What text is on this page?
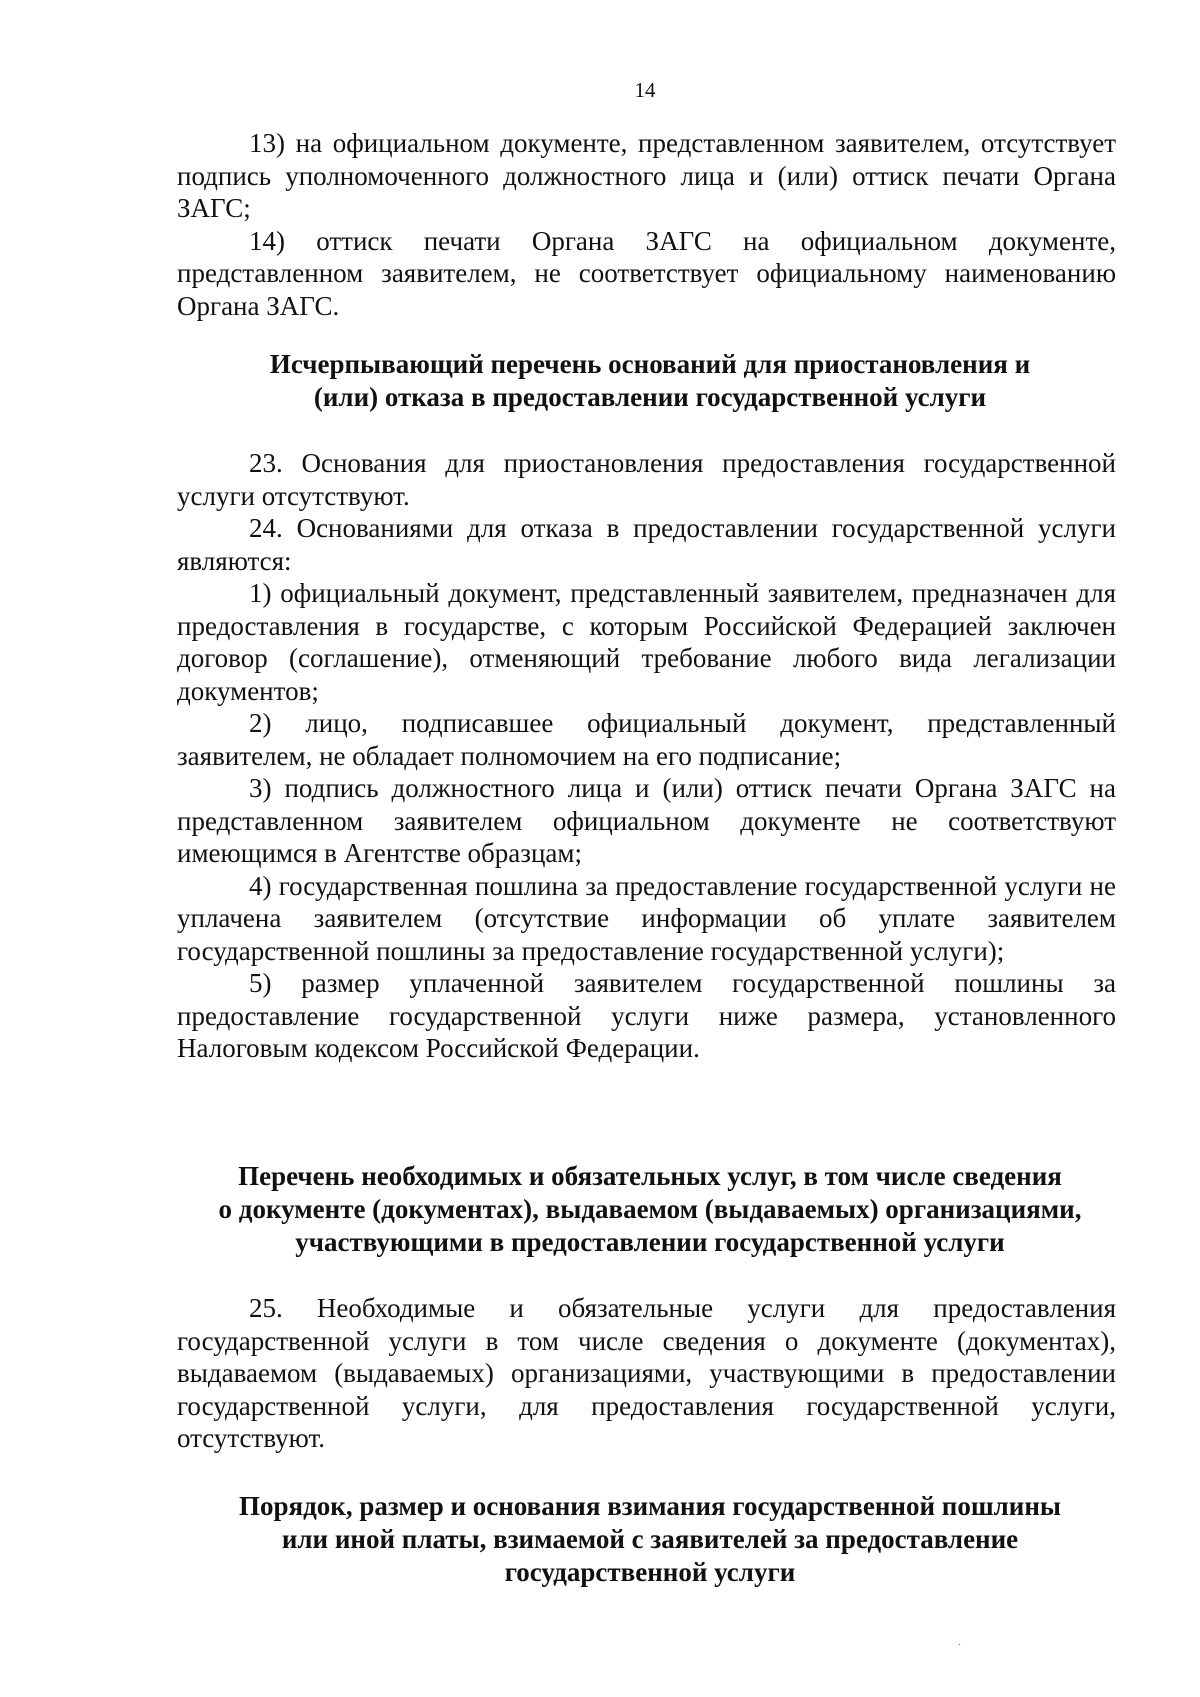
14

13) на официальном документе, представленном заявителем, отсутствует подпись уполномоченного должностного лица и (или) оттиск печати Органа ЗАГС;

14) оттиск печати Органа ЗАГС на официальном документе, представленном заявителем, не соответствует официальному наименованию Органа ЗАГС.

Исчерпывающий перечень оснований для приостановления и
(или) отказа в предоставлении государственной услуги

23. Основания для приостановления предоставления государственной услуги отсутствуют.

24. Основаниями для отказа в предоставлении государственной услуги являются:

1) официальный документ, представленный заявителем, предназначен для предоставления в государстве, с которым Российской Федерацией заключен договор (соглашение), отменяющий требование любого вида легализации документов;

2) лицо, подписавшее официальный документ, представленный заявителем, не обладает полномочием на его подписание;

3) подпись должностного лица и (или) оттиск печати Органа ЗАГС на представленном заявителем официальном документе не соответствуют имеющимся в Агентстве образцам;

4) государственная пошлина за предоставление государственной услуги не уплачена заявителем (отсутствие информации об уплате заявителем государственной пошлины за предоставление государственной услуги);

5) размер уплаченной заявителем государственной пошлины за предоставление государственной услуги ниже размера, установленного Налоговым кодексом Российской Федерации.

Перечень необходимых и обязательных услуг, в том числе сведения
о документе (документах), выдаваемом (выдаваемых) организациями,
участвующими в предоставлении государственной услуги

25. Необходимые и обязательные услуги для предоставления государственной услуги в том числе сведения о документе (документах), выдаваемом (выдаваемых) организациями, участвующими в предоставлении государственной услуги, для предоставления государственной услуги, отсутствуют.

Порядок, размер и основания взимания государственной пошлины
или иной платы, взимаемой с заявителей за предоставление
государственной услуги
·
